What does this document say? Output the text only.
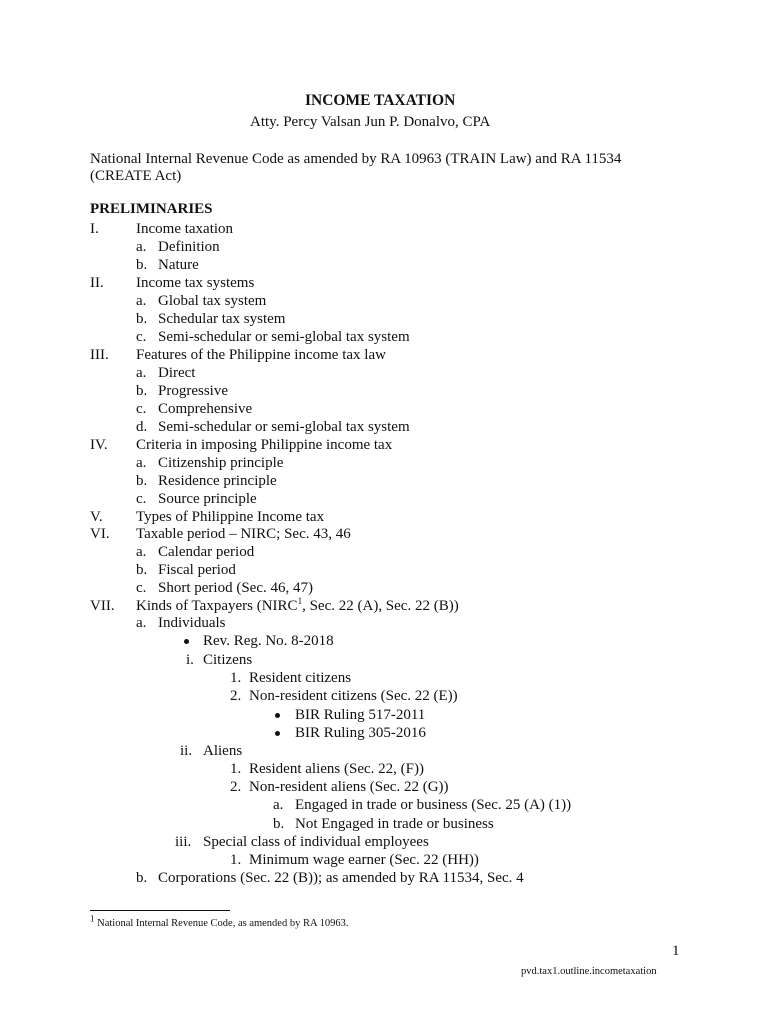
INCOME TAXATION
Atty. Percy Valsan Jun P. Donalvo, CPA
National Internal Revenue Code as amended by RA 10963 (TRAIN Law) and RA 11534
(CREATE Act)
PRELIMINARIES
I. Income taxation
a. Definition
b. Nature
II. Income tax systems
a. Global tax system
b. Schedular tax system
c. Semi-schedular or semi-global tax system
III. Features of the Philippine income tax law
a. Direct
b. Progressive
c. Comprehensive
d. Semi-schedular or semi-global tax system
IV. Criteria in imposing Philippine income tax
a. Citizenship principle
b. Residence principle
c. Source principle
V. Types of Philippine Income tax
VI. Taxable period – NIRC; Sec. 43, 46
a. Calendar period
b. Fiscal period
c. Short period (Sec. 46, 47)
VII. Kinds of Taxpayers (NIRC$^1$, Sec. 22 (A), Sec. 22 (B))
a. Individuals
Rev. Reg. No. 8-2018
i. Citizens
1. Resident citizens
2. Non-resident citizens (Sec. 22 (E))
BIR Ruling 517-2011
BIR Ruling 305-2016
ii. Aliens
1. Resident aliens (Sec. 22, (F))
2. Non-resident aliens (Sec. 22 (G))
a. Engaged in trade or business (Sec. 25 (A) (1))
b. Not Engaged in trade or business
iii. Special class of individual employees
1. Minimum wage earner (Sec. 22 (HH))
b. Corporations (Sec. 22 (B)); as amended by RA 11534, Sec. 4
$^1$ National Internal Revenue Code, as amended by RA 10963.
1
pvd.tax1.outline.incometaxation
